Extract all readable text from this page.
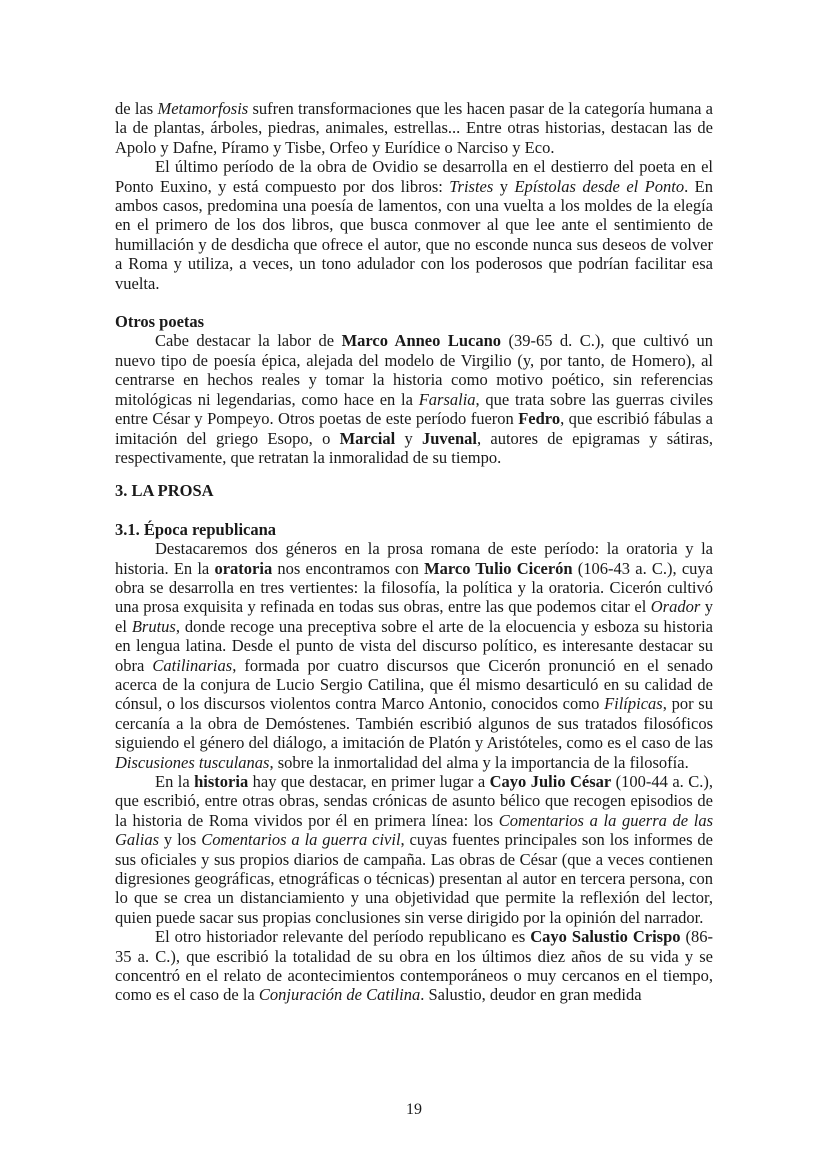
de las Metamorfosis sufren transformaciones que les hacen pasar de la categoría humana a la de plantas, árboles, piedras, animales, estrellas... Entre otras historias, destacan las de Apolo y Dafne, Píramo y Tisbe, Orfeo y Eurídice o Narciso y Eco.

El último período de la obra de Ovidio se desarrolla en el destierro del poeta en el Ponto Euxino, y está compuesto por dos libros: Tristes y Epístolas desde el Ponto. En ambos casos, predomina una poesía de lamentos, con una vuelta a los moldes de la elegía en el primero de los dos libros, que busca conmover al que lee ante el sentimiento de humillación y de desdicha que ofrece el autor, que no esconde nunca sus deseos de volver a Roma y utiliza, a veces, un tono adulador con los poderosos que podrían facilitar esa vuelta.

Otros poetas

Cabe destacar la labor de Marco Anneo Lucano (39-65 d. C.), que cultivó un nuevo tipo de poesía épica, alejada del modelo de Virgilio (y, por tanto, de Homero), al centrarse en hechos reales y tomar la historia como motivo poético, sin referencias mitológicas ni legendarias, como hace en la Farsalia, que trata sobre las guerras civiles entre César y Pompeyo. Otros poetas de este período fueron Fedro, que escribió fábulas a imitación del griego Esopo, o Marcial y Juvenal, autores de epigramas y sátiras, respectivamente, que retratan la inmoralidad de su tiempo.

3. LA PROSA

3.1. Época republicana

Destacaremos dos géneros en la prosa romana de este período: la oratoria y la historia. En la oratoria nos encontramos con Marco Tulio Cicerón (106-43 a. C.), cuya obra se desarrolla en tres vertientes: la filosofía, la política y la oratoria. Cicerón cultivó una prosa exquisita y refinada en todas sus obras, entre las que podemos citar el Orador y el Brutus, donde recoge una preceptiva sobre el arte de la elocuencia y esboza su historia en lengua latina. Desde el punto de vista del discurso político, es interesante destacar su obra Catilinarias, formada por cuatro discursos que Cicerón pronunció en el senado acerca de la conjura de Lucio Sergio Catilina, que él mismo desarticuló en su calidad de cónsul, o los discursos violentos contra Marco Antonio, conocidos como Filípicas, por su cercanía a la obra de Demóstenes. También escribió algunos de sus tratados filosóficos siguiendo el género del diálogo, a imitación de Platón y Aristóteles, como es el caso de las Discusiones tusculanas, sobre la inmortalidad del alma y la importancia de la filosofía.

En la historia hay que destacar, en primer lugar a Cayo Julio César (100-44 a. C.), que escribió, entre otras obras, sendas crónicas de asunto bélico que recogen episodios de la historia de Roma vividos por él en primera línea: los Comentarios a la guerra de las Galias y los Comentarios a la guerra civil, cuyas fuentes principales son los informes de sus oficiales y sus propios diarios de campaña. Las obras de César (que a veces contienen digresiones geográficas, etnográficas o técnicas) presentan al autor en tercera persona, con lo que se crea un distanciamiento y una objetividad que permite la reflexión del lector, quien puede sacar sus propias conclusiones sin verse dirigido por la opinión del narrador.

El otro historiador relevante del período republicano es Cayo Salustio Crispo (86-35 a. C.), que escribió la totalidad de su obra en los últimos diez años de su vida y se concentró en el relato de acontecimientos contemporáneos o muy cercanos en el tiempo, como es el caso de la Conjuración de Catilina. Salustio, deudor en gran medida

19
